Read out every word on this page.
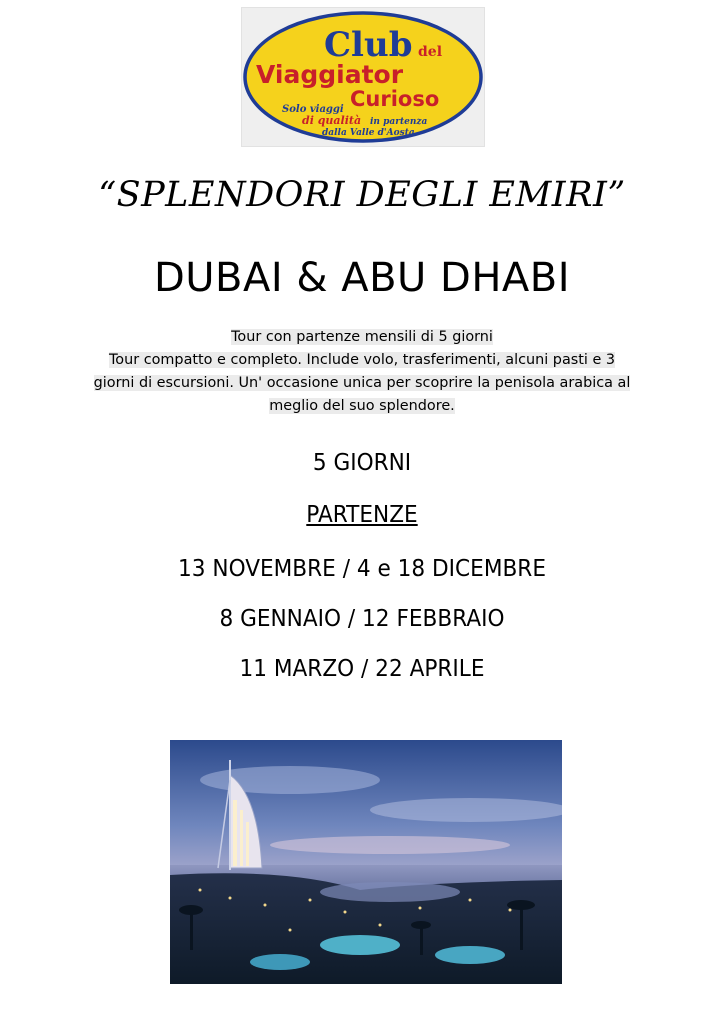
Club del
Viaggiator
Curioso
Solo viaggi
di qualità in partenza
dalla Valle d'Aosta
“SPLENDORI DEGLI EMIRI”
DUBAI & ABU DHABI
Tour con partenze mensili di 5 giorni
Tour compatto e completo. Include volo, trasferimenti, alcuni pasti e 3
giorni di escursioni. Un' occasione unica per scoprire la penisola arabica al
meglio del suo splendore.
5 GIORNI
PARTENZE
13 NOVEMBRE / 4 e 18 DICEMBRE
8 GENNAIO / 12 FEBBRAIO
11 MARZO / 22 APRILE
